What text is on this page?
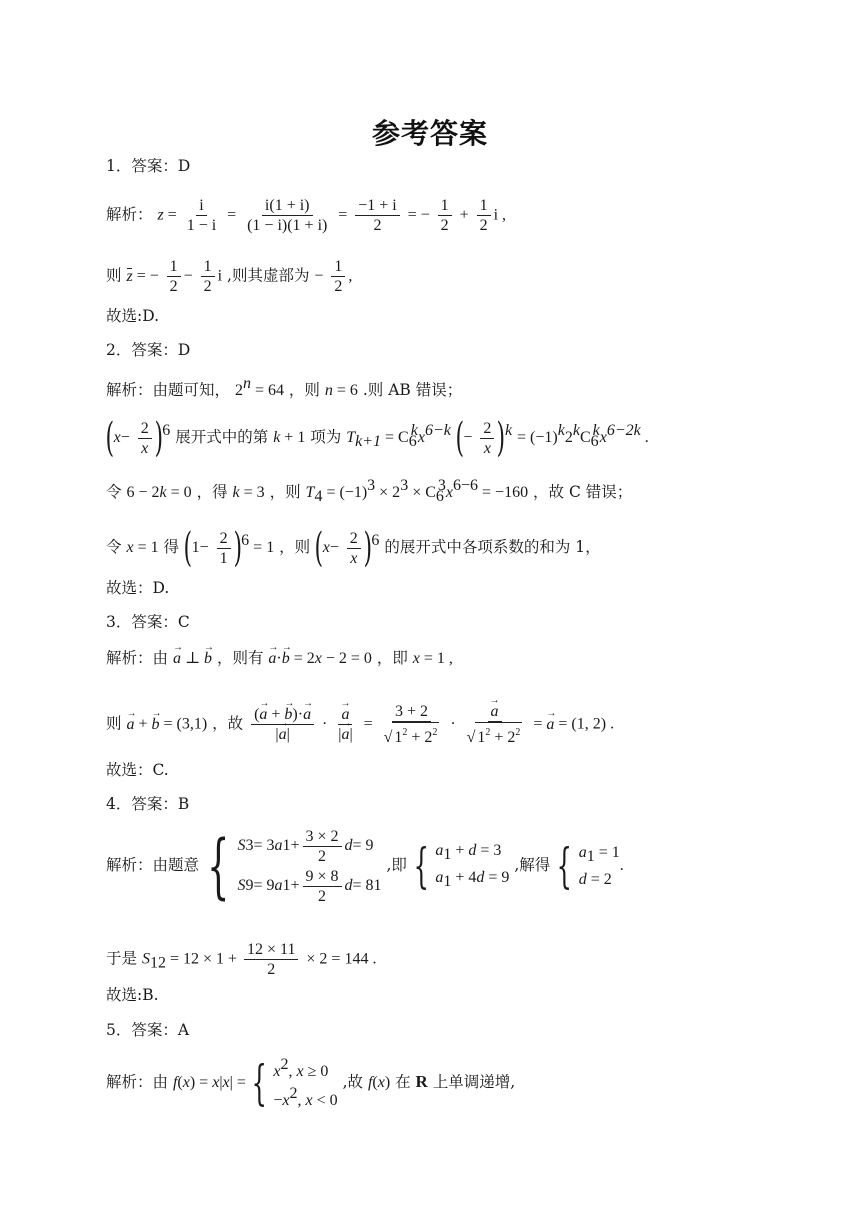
参考答案
1．答案：D
解析： $z = \frac{i}{1 - i} = \frac{i(1 + i)}{(1 - i)(1 + i)} = \frac{-1 + i}{2}$ = − $\frac{1}{2} + \frac{1}{2}$ i ,
则 z = − $\frac{1}{2} - \frac{1}{2}$ i ,则其虚部为 − $\frac{1}{2}$ ,
故选:D.
2．答案：D
解析：由题可知， $2^n = 64$ ，则 n = 6 .则 AB 错误；
$(x- \frac{2}{x} )^6$ 展开式中的第 k + 1 项为 $T_{k+1} = C_6^kx^{6-k}$ (− $\frac{2}{x} )^k = (-1)^k2^kC_6^kx^{6-2k}$ .
令 6 − 2k = 0 ，得 k = 3 ，则 $T_4 = (-1)^3 \times 2^3 \times C_6^3x^{6-6} = -160$ ，故 C 错误；
令 x = 1 得 $(1- \frac{2}{1} )^6 = 1$ ，则 $(x- \frac{2}{x} )^6$ 的展开式中各项系数的和为 1，
故选：D.
3．答案：C
解析：由 → a ⊥ → b ，则有 → a·→ b = 2x − 2 = 0 ，即 x = 1 ,
则 → a + → b = (3,1) ，故 $\frac{(\to a + \to b)\cdot\to a}{|\to a|}$ · → $\frac{a}{|\to a|} = \frac{3 + 2}{√ 1^2 + 2^2}$ · → $\frac{a}{√ 1^2 + 2^2}$ = → a = (1, 2) .
故选：C.
4．答案：B
解析：由题意 { S 3 = 3 a $1 + \frac{3 \times 2}{2}$ d = 9
S 9 = 9 a $1 + \frac{9 \times 8}{2}$ d = 81
,即 { $a_1 + d = 3$
$a_1 + 4d = 9$
,解得 { $a_1 = 1$
d = 2
.
于是 $S_{12} = 12 \times 1 + \frac{12 \times 11}{2} \times 2 = 144$ .
故选:B.
5．答案：A
解析：由 f(x) = x|x| = { $x^2$, x ≥ 0
$-x^2$, x < 0
,故 f(x) 在 R 上单调递增,
